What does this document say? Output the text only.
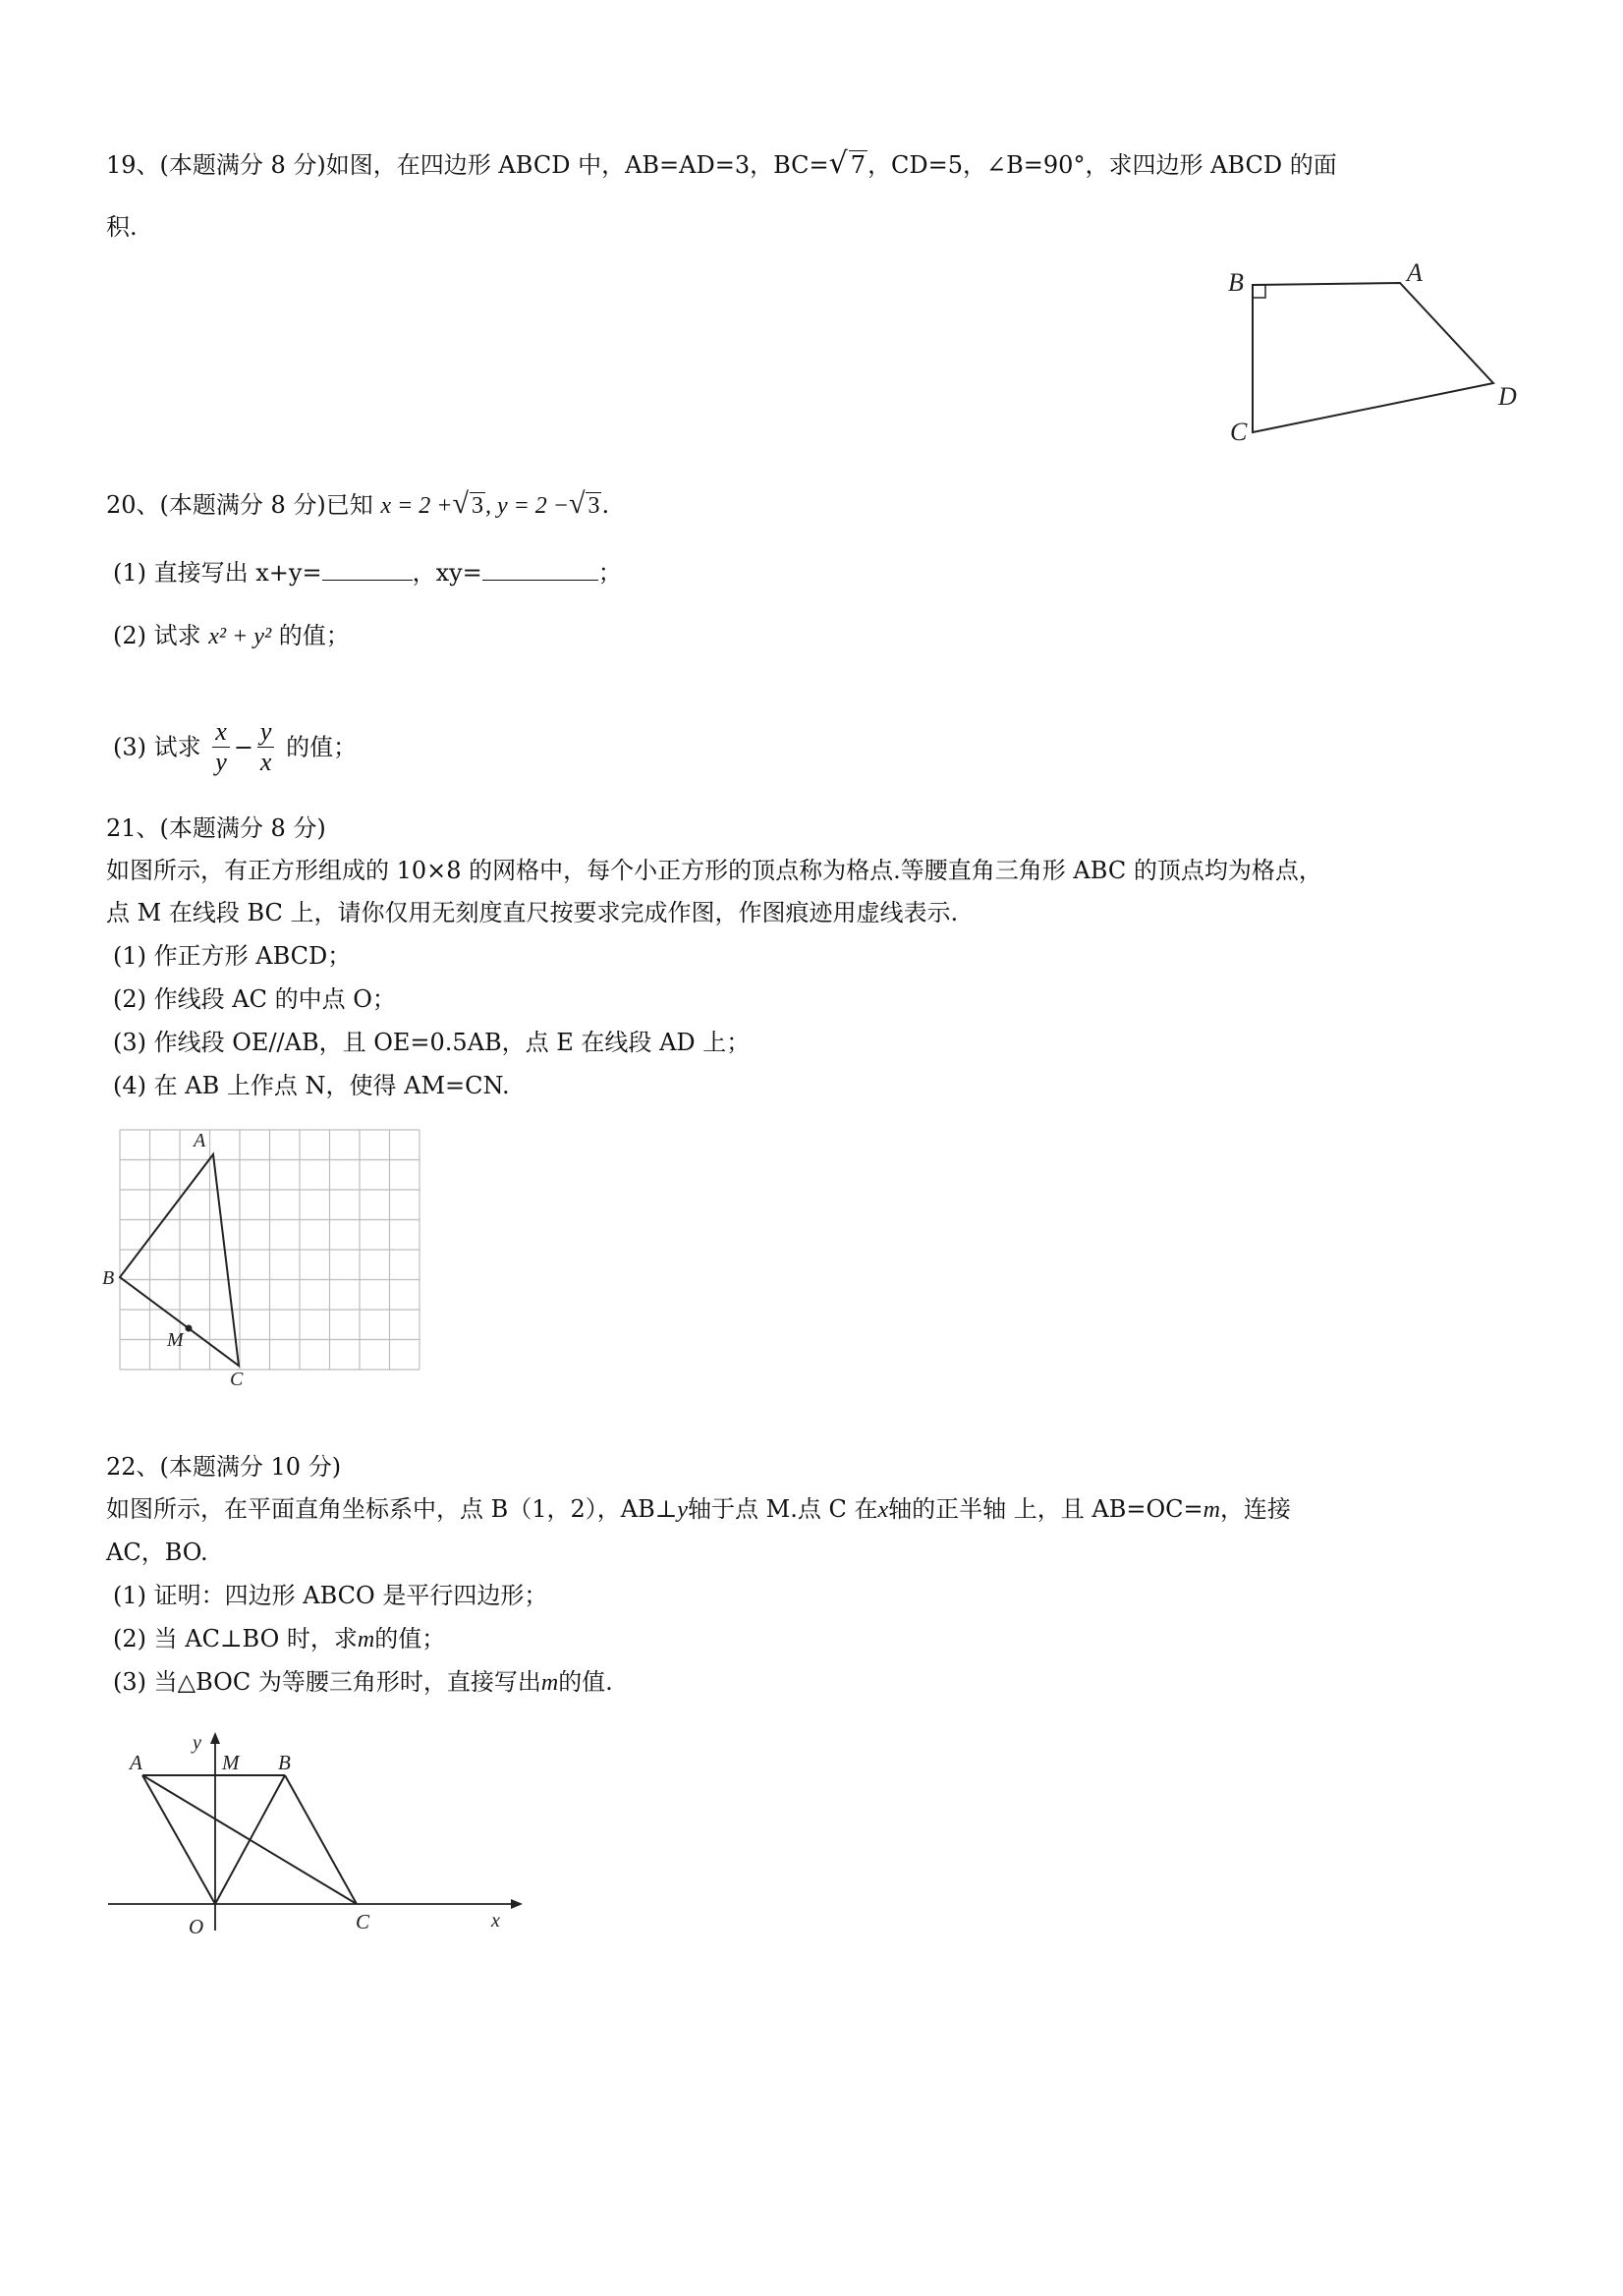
19、(本题满分 8 分)如图，在四边形 ABCD 中，AB=AD=3，BC=√ 7，CD=5，∠B=90°，求四边形 ABCD 的面
积.
B	A
D
C
20、(本题满分 8 分)已知 x = 2 +√ 3, y = 2 −√ 3.
(1) 直接写出 x+y=	，xy=	；
(2) 试求 x² + y² 的值；
(3) 试求 $\frac{x}{y} - \frac{y}{x}$ 的值；
21、(本题满分 8 分)
如图所示，有正方形组成的 10×8 的网格中，每个小正方形的顶点称为格点.等腰直角三角形 ABC 的顶点均为格点，
点 M 在线段 BC 上，请你仅用无刻度直尺按要求完成作图，作图痕迹用虚线表示.
(1) 作正方形 ABCD；
(2) 作线段 AC 的中点 O；
(3) 作线段 OE//AB，且 OE=0.5AB，点 E 在线段 AD 上；
(4) 在 AB 上作点 N，使得 AM=CN.
A
B
C
M
22、(本题满分 10 分)
如图所示，在平面直角坐标系中，点 B（1，2），AB⊥y轴于点 M.点 C 在x轴的正半轴 上，且 AB=OC=m，连接
AC，BO.
(1) 证明：四边形 ABCO 是平行四边形；
(2) 当 AC⊥BO 时，求m的值；
(3) 当△BOC 为等腰三角形时，直接写出m的值.
A
y
M B
O	C	x
